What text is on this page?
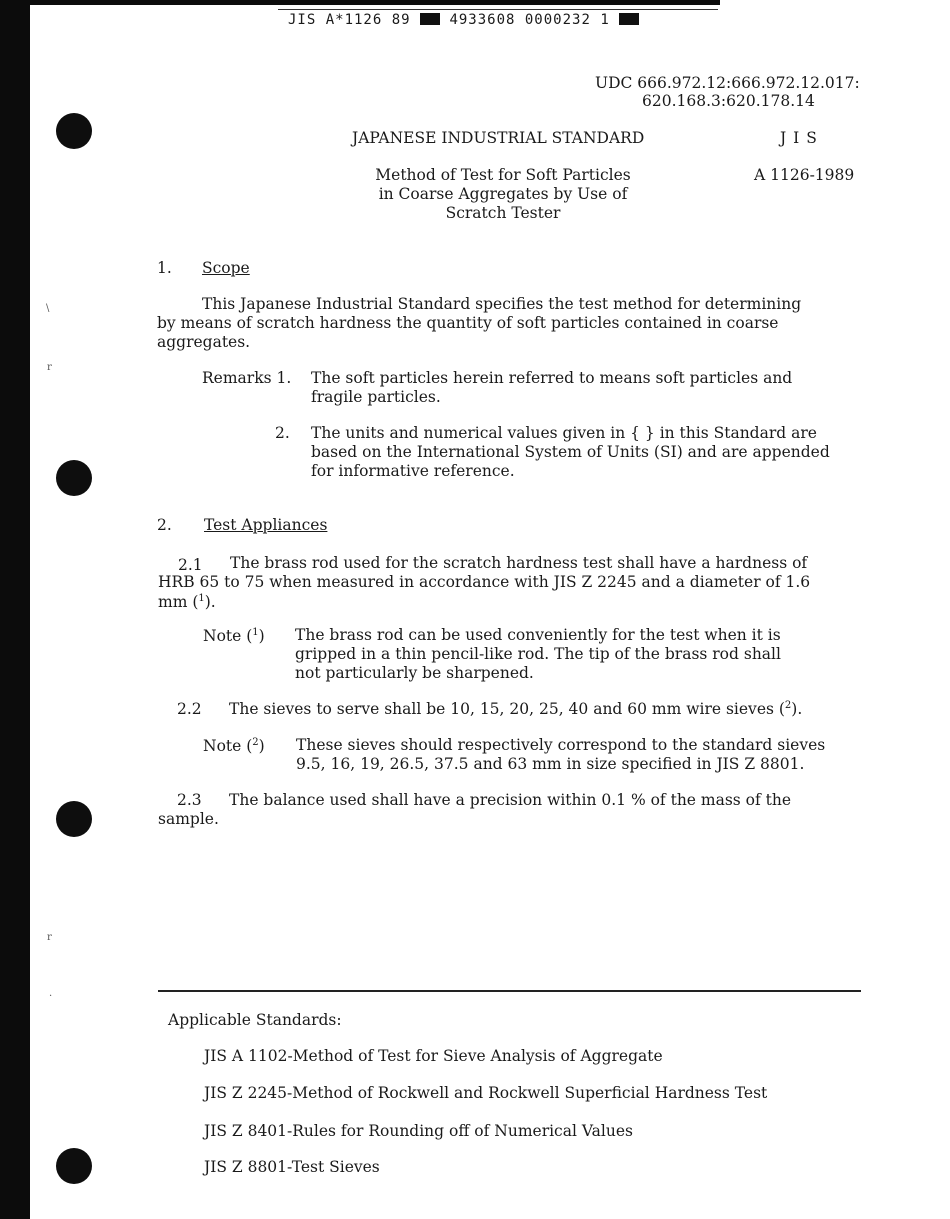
\
r
r
.
JIS A*1126 89	4933608 0000232 1
UDC 666.972.12:666.972.12.017:
620.168.3:620.178.14
JAPANESE INDUSTRIAL STANDARD	J I S
Method of Test for Soft Particles
in Coarse Aggregates by Use of
Scratch Tester
A 1126-1989
1. Scope
This Japanese Industrial Standard specifies the test method for determining
by means of scratch hardness the quantity of soft particles contained in coarse
aggregates.
Remarks 1. The soft particles herein referred to means soft particles and
fragile particles.
2. The units and numerical values given in { } in this Standard are
based on the International System of Units (SI) and are appended
for informative reference.
2. Test Appliances
2.1 The brass rod used for the scratch hardness test shall have a hardness of
HRB 65 to 75 when measured in accordance with JIS Z 2245 and a diameter of 1.6
mm ($^1$).
Note ($^1$) The brass rod can be used conveniently for the test when it is
gripped in a thin pencil-like rod. The tip of the brass rod shall
not particularly be sharpened.
2.2 The sieves to serve shall be 10, 15, 20, 25, 40 and 60 mm wire sieves ($^2$).
Note ($^2$) These sieves should respectively correspond to the standard sieves
9.5, 16, 19, 26.5, 37.5 and 63 mm in size specified in JIS Z 8801.
2.3 The balance used shall have a precision within 0.1 % of the mass of the
sample.
Applicable Standards:
JIS A 1102-Method of Test for Sieve Analysis of Aggregate
JIS Z 2245-Method of Rockwell and Rockwell Superficial Hardness Test
JIS Z 8401-Rules for Rounding off of Numerical Values
JIS Z 8801-Test Sieves
